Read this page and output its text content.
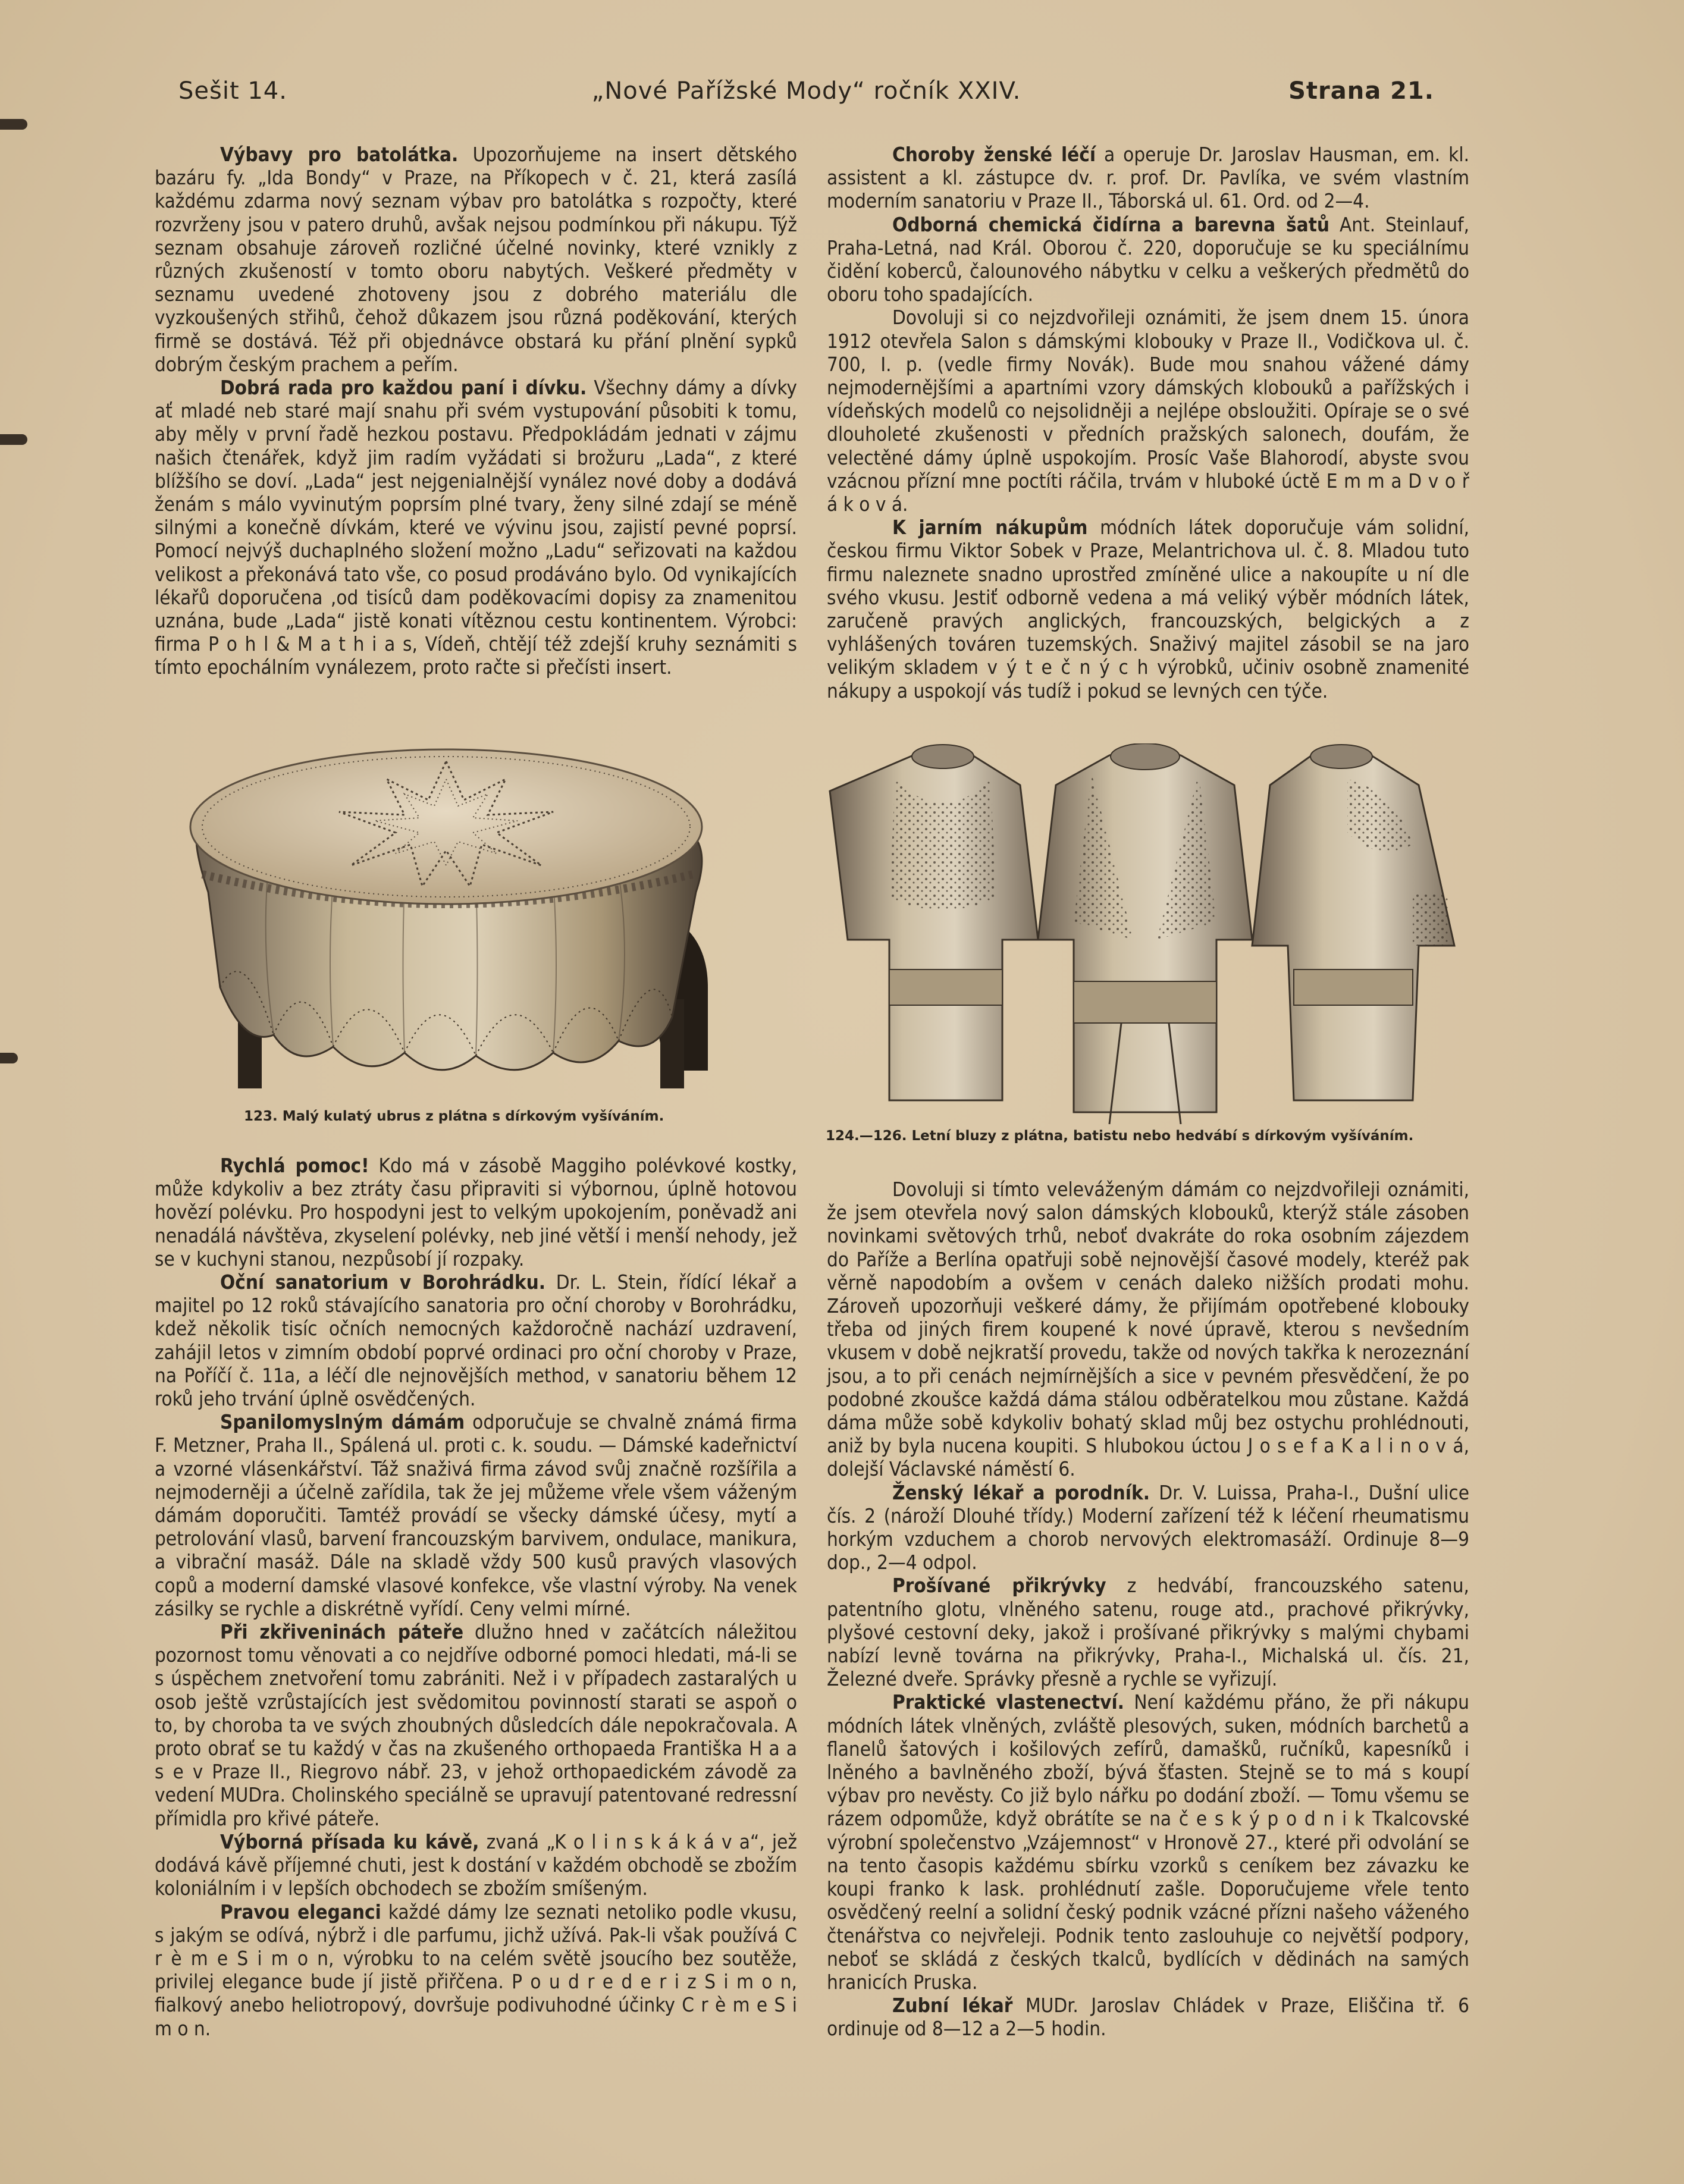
Sešit 14.	„Nové Pařížské Mody“ ročník XXIV.	Strana 21.

Výbavy pro batolátka. Upozorňujeme na insert dětského bazáru fy. „Ida Bondy“ v Praze, na Příkopech v č. 21, která zasílá každému zdarma nový seznam výbav pro batolátka s rozpočty, které rozvrženy jsou v patero druhů, avšak nejsou podmínkou při nákupu. Týž seznam obsahuje zároveň rozličné účelné novinky, které vznikly z různých zkušeností v tomto oboru nabytých. Veškeré předměty v seznamu uvedené zhotoveny jsou z dobrého materiálu dle vyzkoušených střihů, čehož důkazem jsou různá poděkování, kterých firmě se dostává. Též při objednávce obstará ku přání plnění sypků dobrým českým prachem a peřím.

Dobrá rada pro každou paní i dívku. Všechny dámy a dívky ať mladé neb staré mají snahu při svém vystupování působiti k tomu, aby měly v první řadě hezkou postavu. Předpokládám jednati v zájmu našich čtenářek, když jim radím vyžádati si brožuru „Lada“, z které blížšího se doví. „Lada“ jest nejgenialnější vynález nové doby a dodává ženám s málo vyvinutým poprsím plné tvary, ženy silné zdají se méně silnými a konečně dívkám, které ve vývinu jsou, zajistí pevné poprsí. Pomocí nejvýš duchaplného složení možno „Ladu“ seřizovati na každou velikost a překonává tato vše, co posud prodáváno bylo. Od vynikajících lékařů doporučena ,od tisíců dam poděkovacími dopisy za znamenitou uznána, bude „Lada“ jistě konati vítěznou cestu kontinentem. Výrobci: firma P o h l & M a t h i a s, Vídeň, chtějí též zdejší kruhy seznámiti s tímto epochálním vynálezem, proto račte si přečísti insert.

Choroby ženské léčí a operuje Dr. Jaroslav Hausman, em. kl. assistent a kl. zástupce dv. r. prof. Dr. Pavlíka, ve svém vlastním moderním sanatoriu v Praze II., Táborská ul. 61. Ord. od 2—4.

Odborná chemická čidírna a barevna šatů Ant. Steinlauf, Praha-Letná, nad Král. Oborou č. 220, doporučuje se ku speciálnímu čidění koberců, čalounového nábytku v celku a veškerých předmětů do oboru toho spadajících.

Dovoluji si co nejzdvořileji oznámiti, že jsem dnem 15. února 1912 otevřela Salon s dámskými klobouky v Praze II., Vodičkova ul. č. 700, I. p. (vedle firmy Novák). Bude mou snahou vážené dámy nejmodernějšími a apartními vzory dámských klobouků a pařížských i vídeňských modelů co nejsolidněji a nejlépe obsloužiti. Opíraje se o své dlouholeté zkušenosti v předních pražských salonech, doufám, že velectěné dámy úplně uspokojím. Prosíc Vaše Blahorodí, abyste svou vzácnou přízní mne poctíti ráčila, trvám v hluboké úctě E m m a D v o ř á k o v á.

K jarním nákupům módních látek doporučuje vám solidní, českou firmu Viktor Sobek v Praze, Melantrichova ul. č. 8. Mladou tuto firmu naleznete snadno uprostřed zmíněné ulice a nakoupíte u ní dle svého vkusu. Jestiť odborně vedena a má veliký výběr módních látek, zaručeně pravých anglických, francouzských, belgických a z vyhlášených továren tuzemských. Snaživý majitel zásobil se na jaro velikým skladem v ý t e č n ý c h výrobků, učiniv osobně znamenité nákupy a uspokojí vás tudíž i pokud se levných cen týče.

123. Malý kulatý ubrus z plátna s dírkovým vyšíváním.
124.—126. Letní bluzy z plátna, batistu nebo hedvábí s dírkovým vyšíváním.

Rychlá pomoc! Kdo má v zásobě Maggiho polévkové kostky, může kdykoliv a bez ztráty času připraviti si výbornou, úplně hotovou hovězí polévku. Pro hospodyni jest to velkým upokojením, poněvadž ani nenadálá návštěva, zkyselení polévky, neb jiné větší i menší nehody, jež se v kuchyni stanou, nezpůsobí jí rozpaky.

Oční sanatorium v Borohrádku. Dr. L. Stein, řídící lékař a majitel po 12 roků stávajícího sanatoria pro oční choroby v Borohrádku, kdež několik tisíc očních nemocných každoročně nachází uzdravení, zahájil letos v zimním období poprvé ordinaci pro oční choroby v Praze, na Poříčí č. 11a, a léčí dle nejnovějších method, v sanatoriu během 12 roků jeho trvání úplně osvědčených.

Spanilomyslným dámám odporučuje se chvalně známá firma F. Metzner, Praha II., Spálená ul. proti c. k. soudu. — Dámské kadeřnictví a vzorné vlásenkářství. Táž snaživá firma závod svůj značně rozšířila a nejmoderněji a účelně zařídila, tak že jej můžeme vřele všem váženým dámám doporučiti. Tamtéž provádí se všecky dámské účesy, mytí a petrolování vlasů, barvení francouzským barvivem, ondulace, manikura, a vibrační masáž. Dále na skladě vždy 500 kusů pravých vlasových copů a moderní damské vlasové konfekce, vše vlastní výroby. Na venek zásilky se rychle a diskrétně vyřídí. Ceny velmi mírné.

Při zkřiveninách páteře dlužno hned v začátcích náležitou pozornost tomu věnovati a co nejdříve odborné pomoci hledati, má-li se s úspěchem znetvoření tomu zabrániti. Než i v případech zastaralých u osob ještě vzrůstajících jest svědomitou povinností starati se aspoň o to, by choroba ta ve svých zhoubných důsledcích dále nepokračovala. A proto obrať se tu každý v čas na zkušeného orthopaeda Františka H a a s e v Praze II., Riegrovo nábř. 23, v jehož orthopaedickém závodě za vedení MUDra. Cholinského speciálně se upravují patentované redressní přímidla pro křivé páteře.

Výborná přísada ku kávě, zvaná „K o l i n s k á k á v a“, jež dodává kávě příjemné chuti, jest k dostání v každém obchodě se zbožím koloniálním i v lepších obchodech se zbožím smíšeným.

Pravou eleganci každé dámy lze seznati netoliko podle vkusu, s jakým se odívá, nýbrž i dle parfumu, jichž užívá. Pak-li však používá C r è m e S i m o n, výrobku to na celém světě jsoucího bez soutěže, privilej elegance bude jí jistě přiřčena. P o u d r e d e r i z S i m o n, fialkový anebo heliotropový, dovršuje podivuhodné účinky C r è m e S i m o n.

Dovoluji si tímto veleváženým dámám co nejzdvořileji oznámiti, že jsem otevřela nový salon dámských klobouků, kterýž stále zásoben novinkami světových trhů, neboť dvakráte do roka osobním zájezdem do Paříže a Berlína opatřuji sobě nejnovější časové modely, kteréž pak věrně napodobím a ovšem v cenách daleko nižších prodati mohu. Zároveň upozorňuji veškeré dámy, že přijímám opotřebené klobouky třeba od jiných firem koupené k nové úpravě, kterou s nevšedním vkusem v době nejkratší provedu, takže od nových takřka k nerozeznání jsou, a to při cenách nejmírnějších a sice v pevném přesvědčení, že po podobné zkoušce každá dáma stálou odběratelkou mou zůstane. Každá dáma může sobě kdykoliv bohatý sklad můj bez ostychu prohlédnouti, aniž by byla nucena koupiti. S hlubokou úctou J o s e f a K a l i n o v á, dolejší Václavské náměstí 6.

Ženský lékař a porodník. Dr. V. Luissa, Praha-I., Dušní ulice čís. 2 (nároží Dlouhé třídy.) Moderní zařízení též k léčení rheumatismu horkým vzduchem a chorob nervových elektromasáží. Ordinuje 8—9 dop., 2—4 odpol.

Prošívané přikrývky z hedvábí, francouzského satenu, patentního glotu, vlněného satenu, rouge atd., prachové přikrývky, plyšové cestovní deky, jakož i prošívané přikrývky s malými chybami nabízí levně továrna na přikrývky, Praha-I., Michalská ul. čís. 21, Železné dveře. Správky přesně a rychle se vyřizují.

Praktické vlastenectví. Není každému přáno, že při nákupu módních látek vlněných, zvláště plesových, suken, módních barchetů a flanelů šatových i košilových zefírů, damašků, ručníků, kapesníků i lněného a bavlněného zboží, bývá šťasten. Stejně se to má s koupí výbav pro nevěsty. Co již bylo nářku po dodání zboží. — Tomu všemu se rázem odpomůže, když obrátíte se na č e s k ý p o d n i k Tkalcovské výrobní společenstvo „Vzájemnost“ v Hronově 27., které při odvolání se na tento časopis každému sbírku vzorků s ceníkem bez závazku ke koupi franko k lask. prohlédnutí zašle. Doporučujeme vřele tento osvědčený reelní a solidní český podnik vzácné přízni našeho váženého čtenářstva co nejvřeleji. Podnik tento zaslouhuje co největší podpory, neboť se skládá z českých tkalců, bydlících v dědinách na samých hranicích Pruska.

Zubní lékař MUDr. Jaroslav Chládek v Praze, Eliščina tř. 6 ordinuje od 8—12 a 2—5 hodin.
